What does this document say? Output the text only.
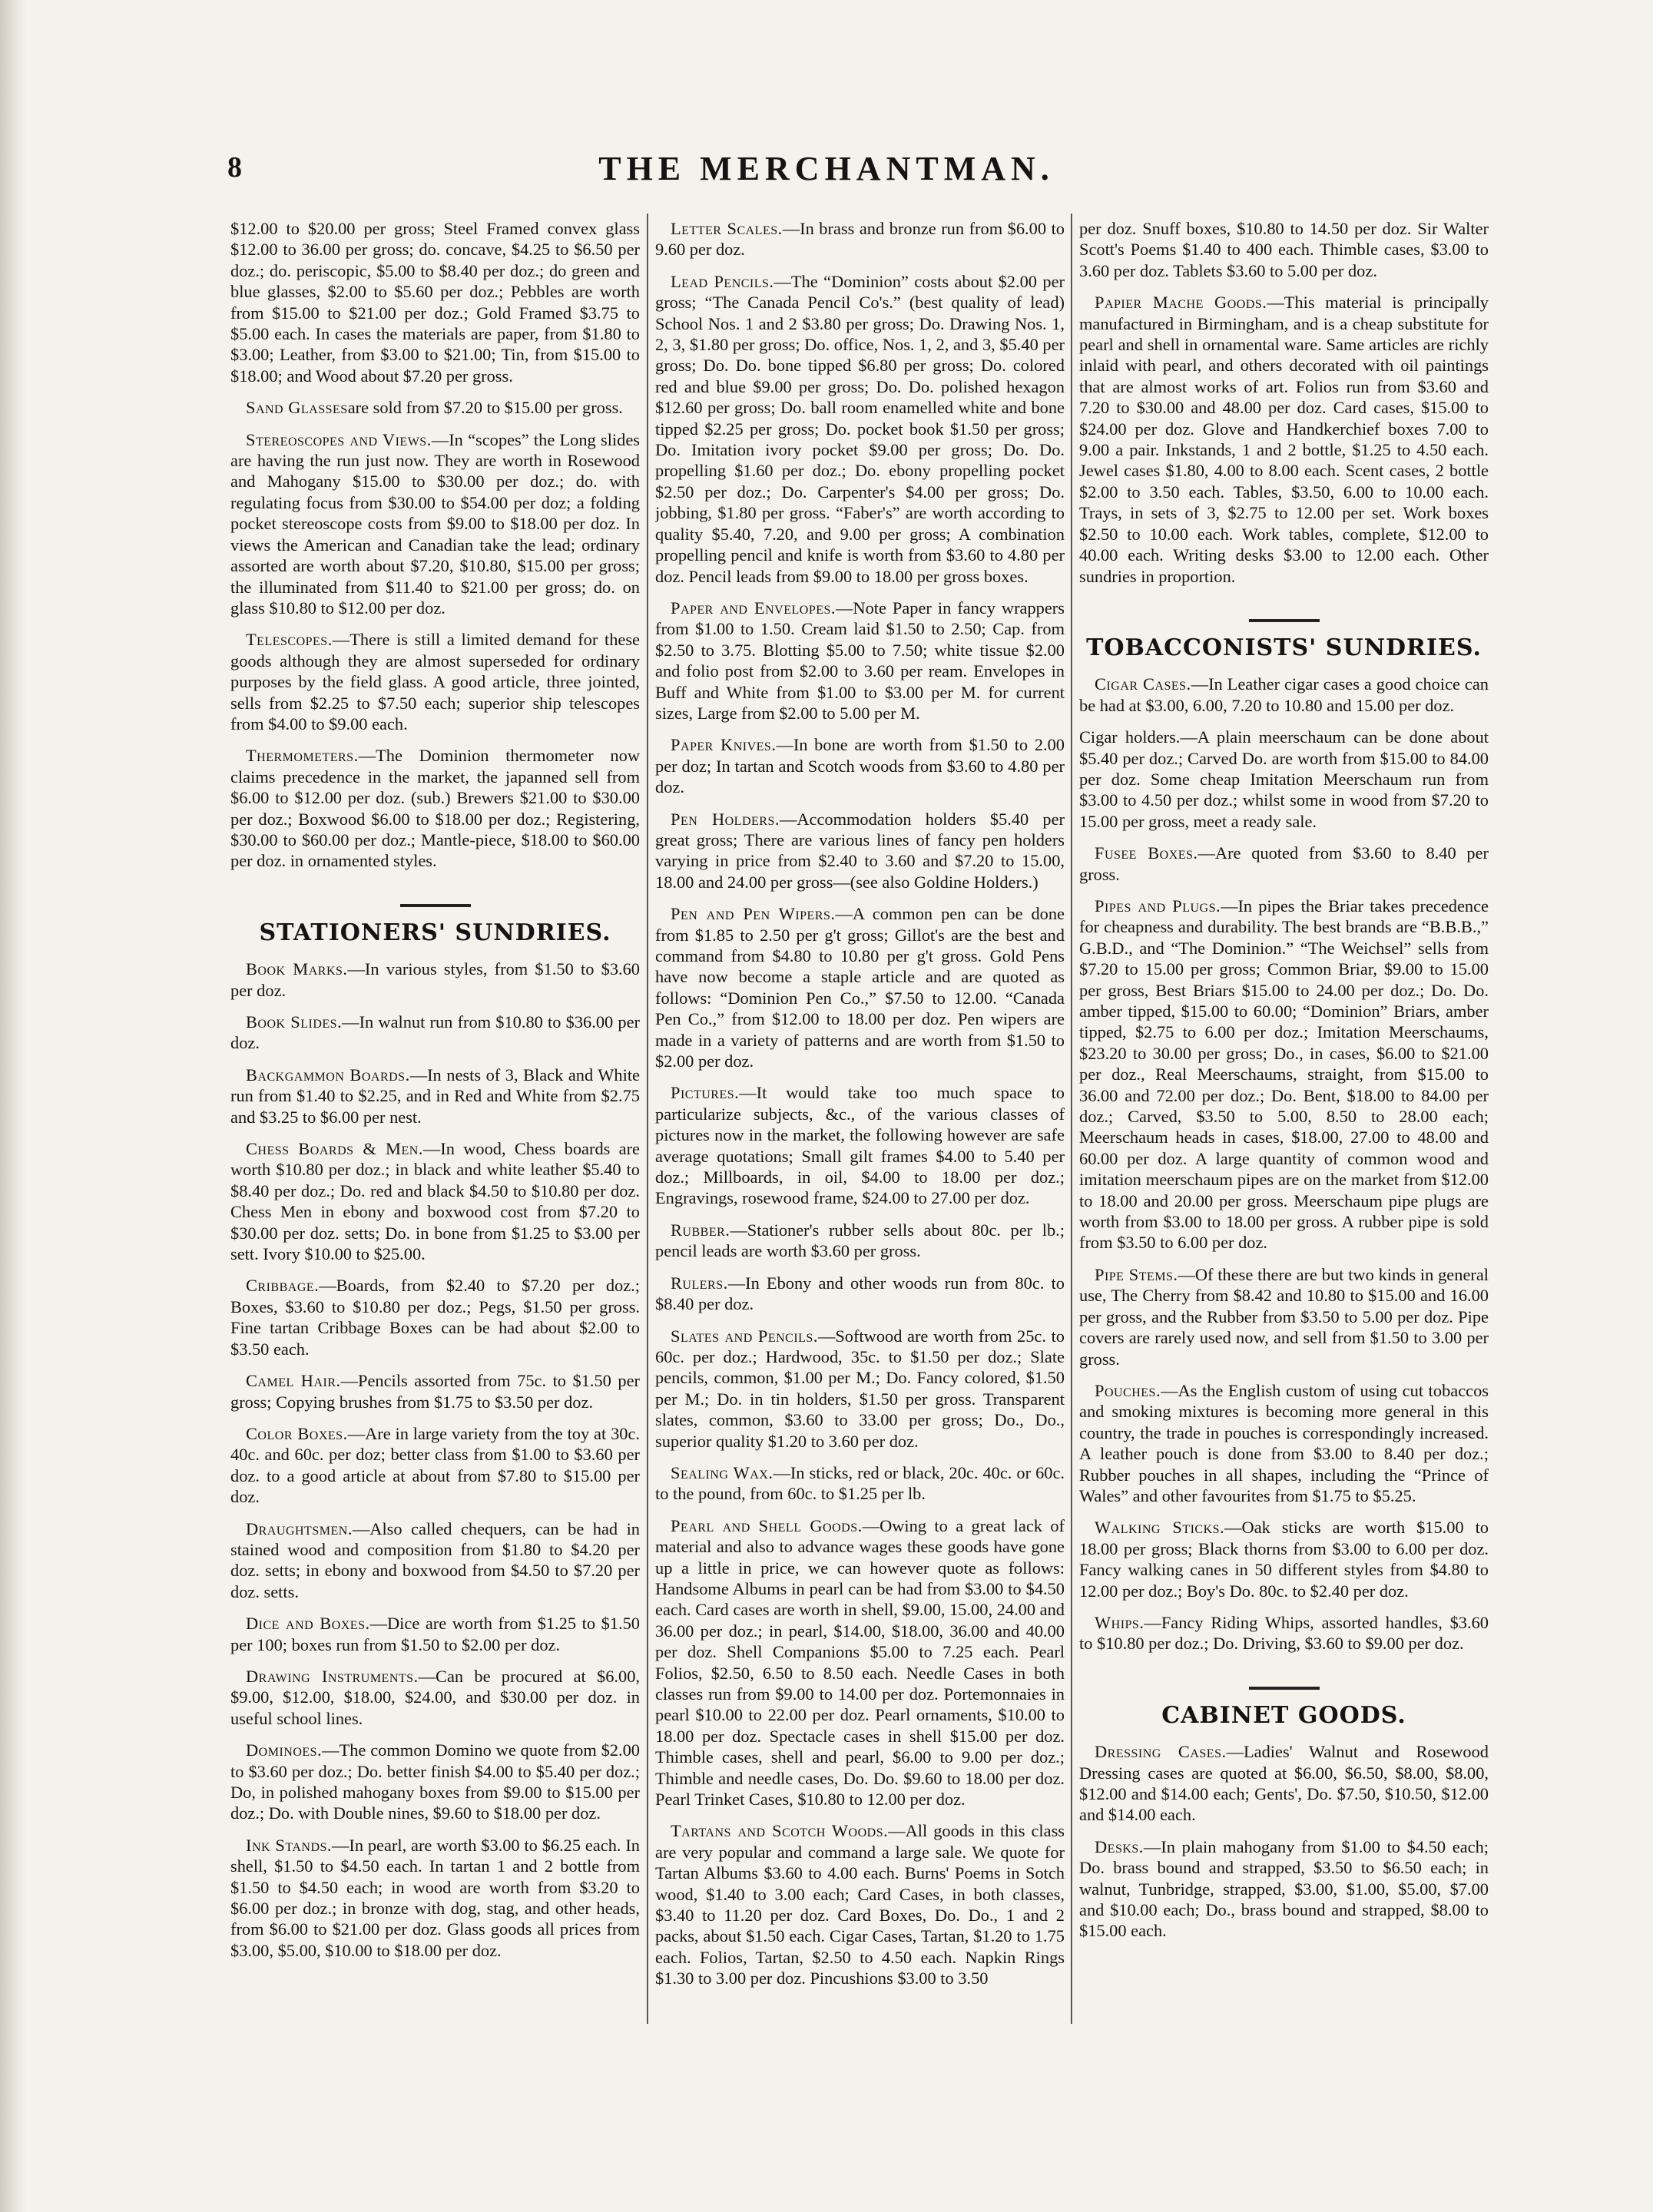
8	THE MERCHANTMAN.

$12.00 to $20.00 per gross; Steel Framed convex glass $12.00 to 36.00 per gross; do. concave, $4.25 to $6.50 per doz.; do. periscopic, $5.00 to $8.40 per doz.; do green and blue glasses, $2.00 to $5.60 per doz.; Pebbles are worth from $15.00 to $21.00 per doz.; Gold Framed $3.75 to $5.00 each. In cases the materials are paper, from $1.80 to $3.00; Leather, from $3.00 to $21.00; Tin, from $15.00 to $18.00; and Wood about $7.20 per gross.

Sand Glassesare sold from $7.20 to $15.00 per gross.

Stereoscopes and Views.—In “scopes” the Long slides are having the run just now. They are worth in Rosewood and Mahogany $15.00 to $30.00 per doz.; do. with regulating focus from $30.00 to $54.00 per doz; a folding pocket stereoscope costs from $9.00 to $18.00 per doz. In views the American and Canadian take the lead; ordinary assorted are worth about $7.20, $10.80, $15.00 per gross; the illuminated from $11.40 to $21.00 per gross; do. on glass $10.80 to $12.00 per doz.

Telescopes.—There is still a limited demand for these goods although they are almost superseded for ordinary purposes by the field glass. A good article, three jointed, sells from $2.25 to $7.50 each; superior ship telescopes from $4.00 to $9.00 each.

Thermometers.—The Dominion thermometer now claims precedence in the market, the japanned sell from $6.00 to $12.00 per doz. (sub.) Brewers $21.00 to $30.00 per doz.; Boxwood $6.00 to $18.00 per doz.; Registering, $30.00 to $60.00 per doz.; Mantle-piece, $18.00 to $60.00 per doz. in ornamented styles.

STATIONERS' SUNDRIES.

Book Marks.—In various styles, from $1.50 to $3.60 per doz.

Book Slides.—In walnut run from $10.80 to $36.00 per doz.

Backgammon Boards.—In nests of 3, Black and White run from $1.40 to $2.25, and in Red and White from $2.75 and $3.25 to $6.00 per nest.

Chess Boards & Men.—In wood, Chess boards are worth $10.80 per doz.; in black and white leather $5.40 to $8.40 per doz.; Do. red and black $4.50 to $10.80 per doz. Chess Men in ebony and boxwood cost from $7.20 to $30.00 per doz. setts; Do. in bone from $1.25 to $3.00 per sett. Ivory $10.00 to $25.00.

Cribbage.—Boards, from $2.40 to $7.20 per doz.; Boxes, $3.60 to $10.80 per doz.; Pegs, $1.50 per gross. Fine tartan Cribbage Boxes can be had about $2.00 to $3.50 each.

Camel Hair.—Pencils assorted from 75c. to $1.50 per gross; Copying brushes from $1.75 to $3.50 per doz.

Color Boxes.—Are in large variety from the toy at 30c. 40c. and 60c. per doz; better class from $1.00 to $3.60 per doz. to a good article at about from $7.80 to $15.00 per doz.

Draughtsmen.—Also called chequers, can be had in stained wood and composition from $1.80 to $4.20 per doz. setts; in ebony and boxwood from $4.50 to $7.20 per doz. setts.

Dice and Boxes.—Dice are worth from $1.25 to $1.50 per 100; boxes run from $1.50 to $2.00 per doz.

Drawing Instruments.—Can be procured at $6.00, $9.00, $12.00, $18.00, $24.00, and $30.00 per doz. in useful school lines.

Dominoes.—The common Domino we quote from $2.00 to $3.60 per doz.; Do. better finish $4.00 to $5.40 per doz.; Do, in polished mahogany boxes from $9.00 to $15.00 per doz.; Do. with Double nines, $9.60 to $18.00 per doz.

Ink Stands.—In pearl, are worth $3.00 to $6.25 each. In shell, $1.50 to $4.50 each. In tartan 1 and 2 bottle from $1.50 to $4.50 each; in wood are worth from $3.20 to $6.00 per doz.; in bronze with dog, stag, and other heads, from $6.00 to $21.00 per doz. Glass goods all prices from $3.00, $5.00, $10.00 to $18.00 per doz.

Letter Scales.—In brass and bronze run from $6.00 to 9.60 per doz.

Lead Pencils.—The “Dominion” costs about $2.00 per gross; “The Canada Pencil Co's.” (best quality of lead) School Nos. 1 and 2 $3.80 per gross; Do. Drawing Nos. 1, 2, 3, $1.80 per gross; Do. office, Nos. 1, 2, and 3, $5.40 per gross; Do. Do. bone tipped $6.80 per gross; Do. colored red and blue $9.00 per gross; Do. Do. polished hexagon $12.60 per gross; Do. ball room enamelled white and bone tipped $2.25 per gross; Do. pocket book $1.50 per gross; Do. Imitation ivory pocket $9.00 per gross; Do. Do. propelling $1.60 per doz.; Do. ebony propelling pocket $2.50 per doz.; Do. Carpenter's $4.00 per gross; Do. jobbing, $1.80 per gross. “Faber's” are worth according to quality $5.40, 7.20, and 9.00 per gross; A combination propelling pencil and knife is worth from $3.60 to 4.80 per doz. Pencil leads from $9.00 to 18.00 per gross boxes.

Paper and Envelopes.—Note Paper in fancy wrappers from $1.00 to 1.50. Cream laid $1.50 to 2.50; Cap. from $2.50 to 3.75. Blotting $5.00 to 7.50; white tissue $2.00 and folio post from $2.00 to 3.60 per ream. Envelopes in Buff and White from $1.00 to $3.00 per M. for current sizes, Large from $2.00 to 5.00 per M.

Paper Knives.—In bone are worth from $1.50 to 2.00 per doz; In tartan and Scotch woods from $3.60 to 4.80 per doz.

Pen Holders.—Accommodation holders $5.40 per great gross; There are various lines of fancy pen holders varying in price from $2.40 to 3.60 and $7.20 to 15.00, 18.00 and 24.00 per gross—(see also Goldine Holders.)

Pen and Pen Wipers.—A common pen can be done from $1.85 to 2.50 per g't gross; Gillot's are the best and command from $4.80 to 10.80 per g't gross. Gold Pens have now become a staple article and are quoted as follows: “Dominion Pen Co.,” $7.50 to 12.00. “Canada Pen Co.,” from $12.00 to 18.00 per doz. Pen wipers are made in a variety of patterns and are worth from $1.50 to $2.00 per doz.

Pictures.—It would take too much space to particularize subjects, &c., of the various classes of pictures now in the market, the following however are safe average quotations; Small gilt frames $4.00 to 5.40 per doz.; Millboards, in oil, $4.00 to 18.00 per doz.; Engravings, rosewood frame, $24.00 to 27.00 per doz.

Rubber.—Stationer's rubber sells about 80c. per lb.; pencil leads are worth $3.60 per gross.

Rulers.—In Ebony and other woods run from 80c. to $8.40 per doz.

Slates and Pencils.—Softwood are worth from 25c. to 60c. per doz.; Hardwood, 35c. to $1.50 per doz.; Slate pencils, common, $1.00 per M.; Do. Fancy colored, $1.50 per M.; Do. in tin holders, $1.50 per gross. Transparent slates, common, $3.60 to 33.00 per gross; Do., Do., superior quality $1.20 to 3.60 per doz.

Sealing Wax.—In sticks, red or black, 20c. 40c. or 60c. to the pound, from 60c. to $1.25 per lb.

Pearl and Shell Goods.—Owing to a great lack of material and also to advance wages these goods have gone up a little in price, we can however quote as follows: Handsome Albums in pearl can be had from $3.00 to $4.50 each. Card cases are worth in shell, $9.00, 15.00, 24.00 and 36.00 per doz.; in pearl, $14.00, $18.00, 36.00 and 40.00 per doz. Shell Companions $5.00 to 7.25 each. Pearl Folios, $2.50, 6.50 to 8.50 each. Needle Cases in both classes run from $9.00 to 14.00 per doz. Portemonnaies in pearl $10.00 to 22.00 per doz. Pearl ornaments, $10.00 to 18.00 per doz. Spectacle cases in shell $15.00 per doz. Thimble cases, shell and pearl, $6.00 to 9.00 per doz.; Thimble and needle cases, Do. Do. $9.60 to 18.00 per doz. Pearl Trinket Cases, $10.80 to 12.00 per doz.

Tartans and Scotch Woods.—All goods in this class are very popular and command a large sale. We quote for Tartan Albums $3.60 to 4.00 each. Burns' Poems in Sotch wood, $1.40 to 3.00 each; Card Cases, in both classes, $3.40 to 11.20 per doz. Card Boxes, Do. Do., 1 and 2 packs, about $1.50 each. Cigar Cases, Tartan, $1.20 to 1.75 each. Folios, Tartan, $2.50 to 4.50 each. Napkin Rings $1.30 to 3.00 per doz. Pincushions $3.00 to 3.50

per doz. Snuff boxes, $10.80 to 14.50 per doz. Sir Walter Scott's Poems $1.40 to 400 each. Thimble cases, $3.00 to 3.60 per doz. Tablets $3.60 to 5.00 per doz.

Papier Mache Goods.—This material is principally manufactured in Birmingham, and is a cheap substitute for pearl and shell in ornamental ware. Same articles are richly inlaid with pearl, and others decorated with oil paintings that are almost works of art. Folios run from $3.60 and 7.20 to $30.00 and 48.00 per doz. Card cases, $15.00 to $24.00 per doz. Glove and Handkerchief boxes 7.00 to 9.00 a pair. Inkstands, 1 and 2 bottle, $1.25 to 4.50 each. Jewel cases $1.80, 4.00 to 8.00 each. Scent cases, 2 bottle $2.00 to 3.50 each. Tables, $3.50, 6.00 to 10.00 each. Trays, in sets of 3, $2.75 to 12.00 per set. Work boxes $2.50 to 10.00 each. Work tables, complete, $12.00 to 40.00 each. Writing desks $3.00 to 12.00 each. Other sundries in proportion.

TOBACCONISTS' SUNDRIES.

Cigar Cases.—In Leather cigar cases a good choice can be had at $3.00, 6.00, 7.20 to 10.80 and 15.00 per doz.

Cigar holders.—A plain meerschaum can be done about $5.40 per doz.; Carved Do. are worth from $15.00 to 84.00 per doz. Some cheap Imitation Meerschaum run from $3.00 to 4.50 per doz.; whilst some in wood from $7.20 to 15.00 per gross, meet a ready sale.

Fusee Boxes.—Are quoted from $3.60 to 8.40 per gross.

Pipes and Plugs.—In pipes the Briar takes precedence for cheapness and durability. The best brands are “B.B.B.,” G.B.D., and “The Dominion.” “The Weichsel” sells from $7.20 to 15.00 per gross; Common Briar, $9.00 to 15.00 per gross, Best Briars $15.00 to 24.00 per doz.; Do. Do. amber tipped, $15.00 to 60.00; “Dominion” Briars, amber tipped, $2.75 to 6.00 per doz.; Imitation Meerschaums, $23.20 to 30.00 per gross; Do., in cases, $6.00 to $21.00 per doz., Real Meerschaums, straight, from $15.00 to 36.00 and 72.00 per doz.; Do. Bent, $18.00 to 84.00 per doz.; Carved, $3.50 to 5.00, 8.50 to 28.00 each; Meerschaum heads in cases, $18.00, 27.00 to 48.00 and 60.00 per doz. A large quantity of common wood and imitation meerschaum pipes are on the market from $12.00 to 18.00 and 20.00 per gross. Meerschaum pipe plugs are worth from $3.00 to 18.00 per gross. A rubber pipe is sold from $3.50 to 6.00 per doz.

Pipe Stems.—Of these there are but two kinds in general use, The Cherry from $8.42 and 10.80 to $15.00 and 16.00 per gross, and the Rubber from $3.50 to 5.00 per doz. Pipe covers are rarely used now, and sell from $1.50 to 3.00 per gross.

Pouches.—As the English custom of using cut tobaccos and smoking mixtures is becoming more general in this country, the trade in pouches is correspondingly increased. A leather pouch is done from $3.00 to 8.40 per doz.; Rubber pouches in all shapes, including the “Prince of Wales” and other favourites from $1.75 to $5.25.

Walking Sticks.—Oak sticks are worth $15.00 to 18.00 per gross; Black thorns from $3.00 to 6.00 per doz. Fancy walking canes in 50 different styles from $4.80 to 12.00 per doz.; Boy's Do. 80c. to $2.40 per doz.

Whips.—Fancy Riding Whips, assorted handles, $3.60 to $10.80 per doz.; Do. Driving, $3.60 to $9.00 per doz.

CABINET GOODS.

Dressing Cases.—Ladies' Walnut and Rosewood Dressing cases are quoted at $6.00, $6.50, $8.00, $8.00, $12.00 and $14.00 each; Gents', Do. $7.50, $10.50, $12.00 and $14.00 each.

Desks.—In plain mahogany from $1.00 to $4.50 each; Do. brass bound and strapped, $3.50 to $6.50 each; in walnut, Tunbridge, strapped, $3.00, $1.00, $5.00, $7.00 and $10.00 each; Do., brass bound and strapped, $8.00 to $15.00 each.
